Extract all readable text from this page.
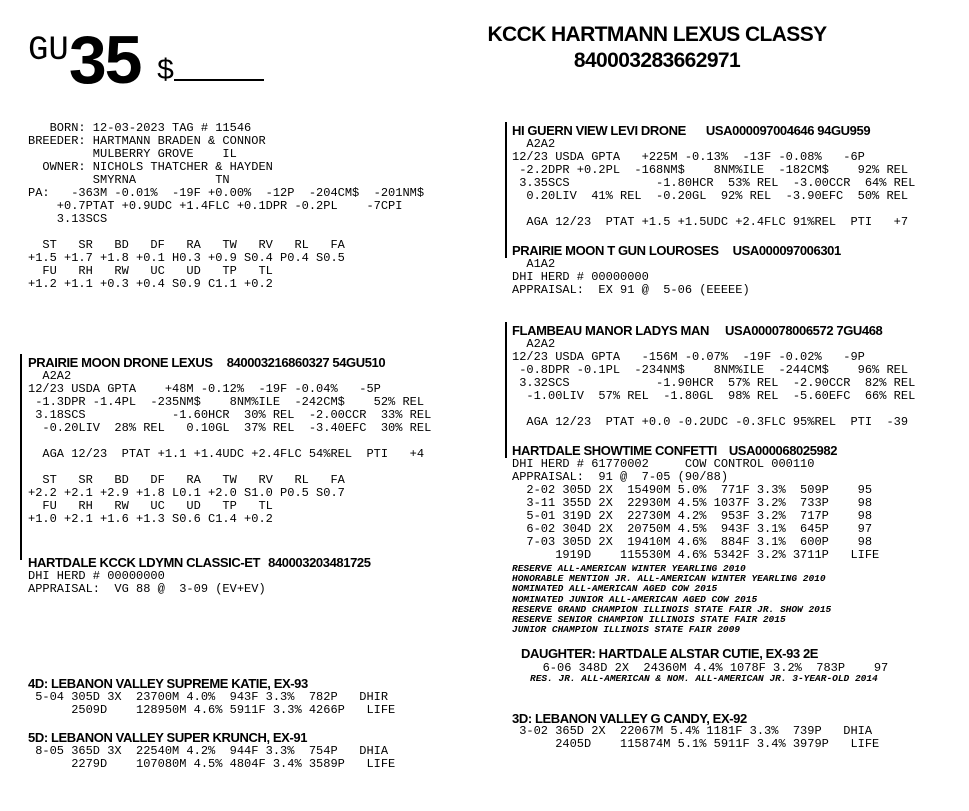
GU35 $
KCCK HARTMANN LEXUS CLASSY
840003283662971
BORN: 12-03-2023 TAG # 11546
BREEDER: HARTMANN BRADEN & CONNOR
MULBERRY GROVE    IL
OWNER: NICHOLS THATCHER & HAYDEN
SMYRNA           TN
PA:   -363M -0.01%  -19F +0.00%  -12P  -204CM$  -201NM$
+0.7PTAT +0.9UDC +1.4FLC +0.1DPR -0.2PL    -7CPI
3.13SCS

ST   SR   BD   DF   RA   TW   RV   RL   FA
+1.5 +1.7 +1.8 +0.1 H0.3 +0.9 S0.4 P0.4 S0.5
FU   RH   RW   UC   UD   TP   TL
+1.2 +1.1 +0.3 +0.4 S0.9 C1.1 +0.2
PRAIRIE MOON DRONE LEXUS 840003216860327 54GU510
A2A2
12/23 USDA GPTA    +48M -0.12%  -19F -0.04%   -5P
-1.3DPR -1.4PL  -235NM$    8NM%ILE  -242CM$    52% REL
3.18SCS            -1.60HCR  30% REL  -2.00CCR  33% REL
-0.20LIV  28% REL   0.10GL  37% REL  -3.40EFC  30% REL

AGA 12/23  PTAT +1.1 +1.4UDC +2.4FLC 54%REL  PTI   +4

ST   SR   BD   DF   RA   TW   RV   RL   FA
+2.2 +2.1 +2.9 +1.8 L0.1 +2.0 S1.0 P0.5 S0.7
FU   RH   RW   UC   UD   TP   TL
+1.0 +2.1 +1.6 +1.3 S0.6 C1.4 +0.2
HARTDALE KCCK LDYMN CLASSIC-ET 840003203481725
DHI HERD # 00000000
APPRAISAL:  VG 88 @  3-09 (EV+EV)
4D: LEBANON VALLEY SUPREME KATIE, EX-93
5-04 305D 3X  23700M 4.0%  943F 3.3%  782P   DHIR
2509D    128950M 4.6% 5911F 3.3% 4266P   LIFE
5D: LEBANON VALLEY SUPER KRUNCH, EX-91
8-05 365D 3X  22540M 4.2%  944F 3.3%  754P   DHIA
2279D    107080M 4.5% 4804F 3.4% 3589P   LIFE
HI GUERN VIEW LEVI DRONE USA000097004646 94GU959
A2A2
12/23 USDA GPTA   +225M -0.13%  -13F -0.08%   -6P
-2.2DPR +0.2PL  -168NM$    8NM%ILE  -182CM$    92% REL
3.35SCS            -1.80HCR  53% REL  -3.00CCR  64% REL
0.20LIV  41% REL  -0.20GL  92% REL  -3.90EFC  50% REL

AGA 12/23  PTAT +1.5 +1.5UDC +2.4FLC 91%REL  PTI   +7
PRAIRIE MOON T GUN LOUROSES USA000097006301
A1A2
DHI HERD # 00000000
APPRAISAL:  EX 91 @  5-06 (EEEEE)
FLAMBEAU MANOR LADYS MAN USA000078006572 7GU468
A2A2
12/23 USDA GPTA   -156M -0.07%  -19F -0.02%   -9P
-0.8DPR -0.1PL  -234NM$    8NM%ILE  -244CM$    96% REL
3.32SCS            -1.90HCR  57% REL  -2.90CCR  82% REL
-1.00LIV  57% REL  -1.80GL  98% REL  -5.60EFC  66% REL

AGA 12/23  PTAT +0.0 -0.2UDC -0.3FLC 95%REL  PTI  -39
HARTDALE SHOWTIME CONFETTI USA000068025982
DHI HERD # 61770002     COW CONTROL 000110
APPRAISAL:  91 @  7-05 (90/88)
2-02 305D 2X  15490M 5.0%  771F 3.3%  509P    95
3-11 355D 2X  22930M 4.5% 1037F 3.2%  733P    98
5-01 319D 2X  22730M 4.2%  953F 3.2%  717P    98
6-02 304D 2X  20750M 4.5%  943F 3.1%  645P    97
7-03 305D 2X  19410M 4.6%  884F 3.1%  600P    98
1919D    115530M 4.6% 5342F 3.2% 3711P   LIFE
RESERVE ALL-AMERICAN WINTER YEARLING 2010
HONORABLE MENTION JR. ALL-AMERICAN WINTER YEARLING 2010
NOMINATED ALL-AMERICAN AGED COW 2015
NOMINATED JUNIOR ALL-AMERICAN AGED COW 2015
RESERVE GRAND CHAMPION ILLINOIS STATE FAIR JR. SHOW 2015
RESERVE SENIOR CHAMPION ILLINOIS STATE FAIR 2015
JUNIOR CHAMPION ILLINOIS STATE FAIR 2009
DAUGHTER: HARTDALE ALSTAR CUTIE, EX-93 2E
6-06 348D 2X  24360M 4.4% 1078F 3.2%  783P    97
RES. JR. ALL-AMERICAN & NOM. ALL-AMERICAN JR. 3-YEAR-OLD 2014
3D: LEBANON VALLEY G CANDY, EX-92
3-02 365D 2X  22067M 5.4% 1181F 3.3%  739P   DHIA
2405D    115874M 5.1% 5911F 3.4% 3979P   LIFE
